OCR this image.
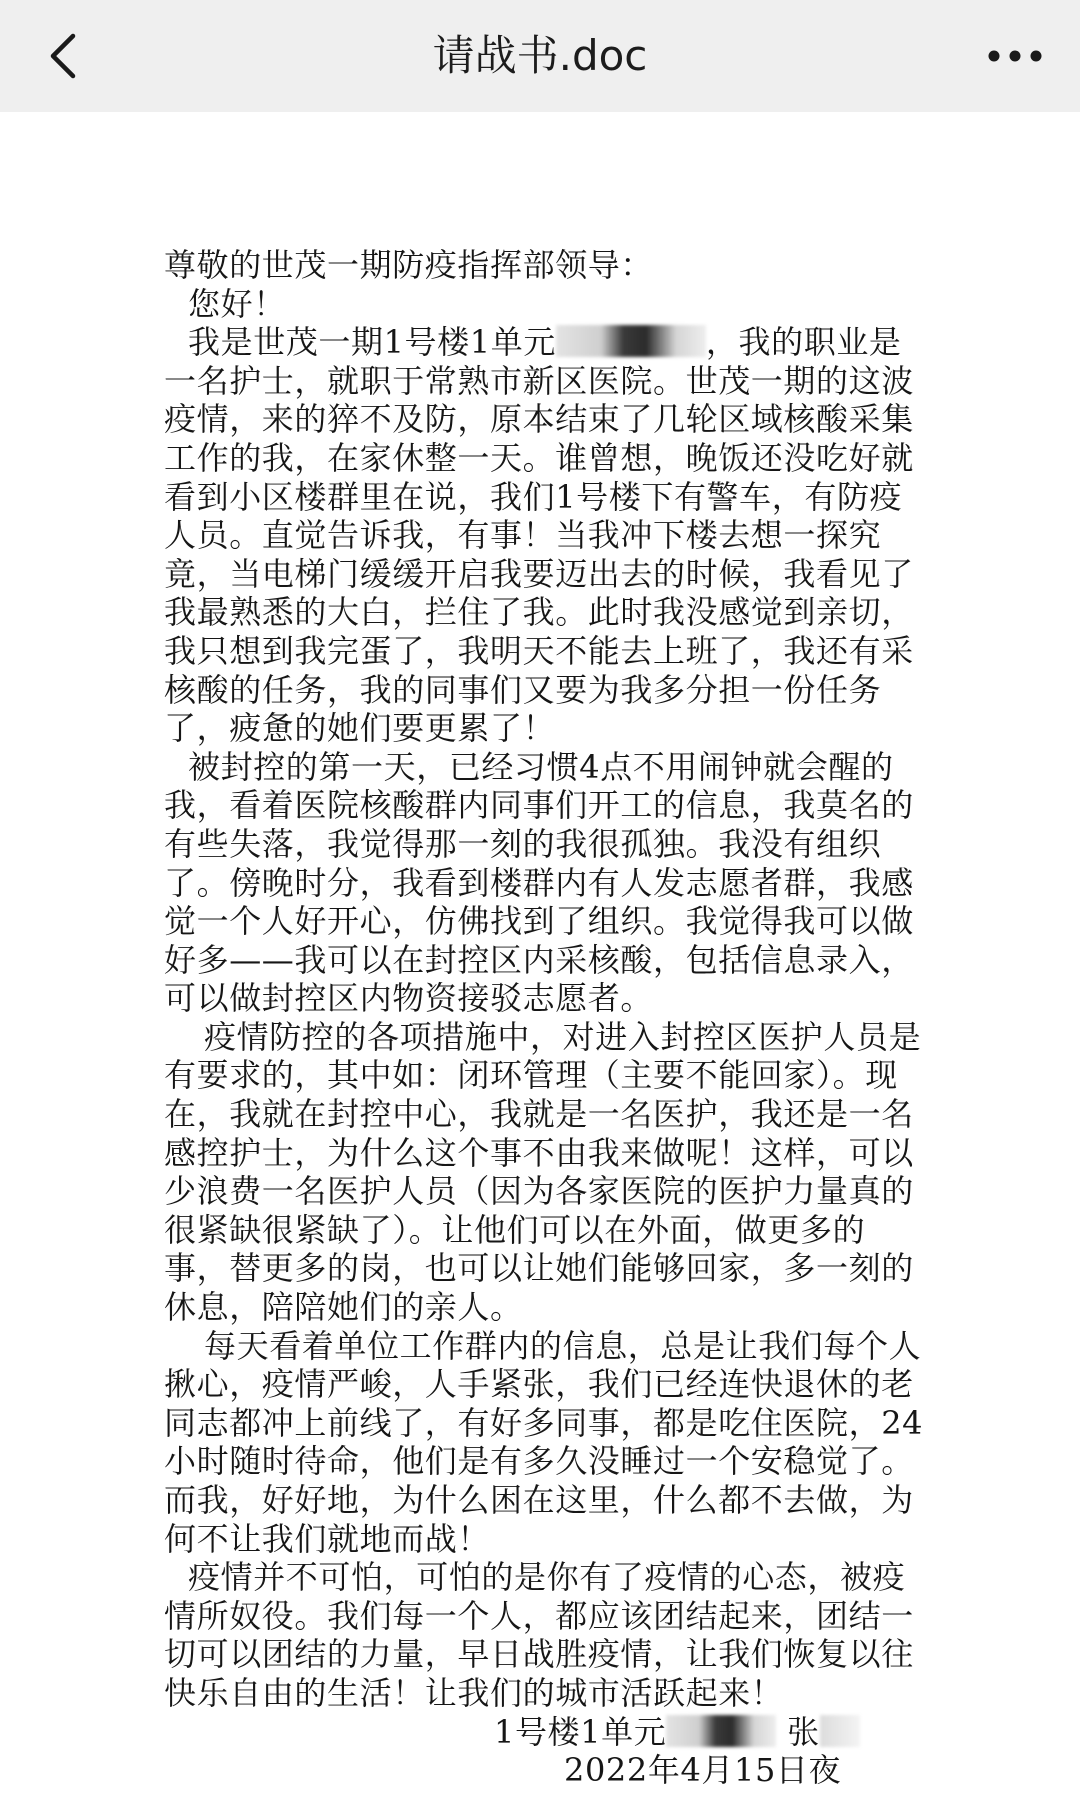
请战书.doc

尊敬的世茂一期防疫指挥部领导：

您好！

我是世茂一期1号楼1单元	，我的职业是一名护士，就职于常熟市新区医院。世茂一期的这波疫情，来的猝不及防，原本结束了几轮区域核酸采集工作的我，在家休整一天。谁曾想，晚饭还没吃好就看到小区楼群里在说，我们1号楼下有警车，有防疫人员。直觉告诉我，有事！当我冲下楼去想一探究竟，当电梯门缓缓开启我要迈出去的时候，我看见了我最熟悉的大白，拦住了我。此时我没感觉到亲切，我只想到我完蛋了，我明天不能去上班了，我还有采核酸的任务，我的同事们又要为我多分担一份任务了，疲惫的她们要更累了！

被封控的第一天，已经习惯4点不用闹钟就会醒的我，看着医院核酸群内同事们开工的信息，我莫名的有些失落，我觉得那一刻的我很孤独。我没有组织了。傍晚时分，我看到楼群内有人发志愿者群，我感觉一个人好开心，仿佛找到了组织。我觉得我可以做好多——我可以在封控区内采核酸，包括信息录入，可以做封控区内物资接驳志愿者。

疫情防控的各项措施中，对进入封控区医护人员是有要求的，其中如：闭环管理（主要不能回家）。现在，我就在封控中心，我就是一名医护，我还是一名感控护士，为什么这个事不由我来做呢！这样，可以少浪费一名医护人员（因为各家医院的医护力量真的很紧缺很紧缺了）。让他们可以在外面，做更多的事，替更多的岗，也可以让她们能够回家，多一刻的休息，陪陪她们的亲人。

每天看着单位工作群内的信息，总是让我们每个人揪心，疫情严峻，人手紧张，我们已经连快退休的老同志都冲上前线了，有好多同事，都是吃住医院，24小时随时待命，他们是有多久没睡过一个安稳觉了。而我，好好地，为什么困在这里，什么都不去做，为何不让我们就地而战！

疫情并不可怕，可怕的是你有了疫情的心态，被疫情所奴役。我们每一个人，都应该团结起来，团结一切可以团结的力量，早日战胜疫情，让我们恢复以往快乐自由的生活！让我们的城市活跃起来！

1号楼1单元	张

2022年4月15日夜
